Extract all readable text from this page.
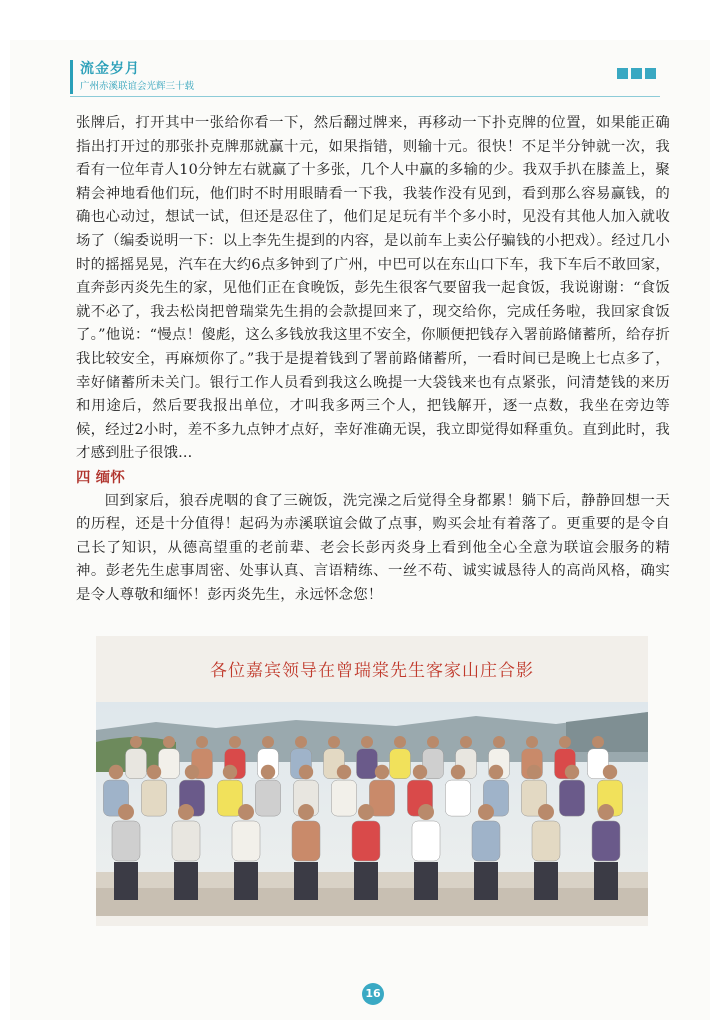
流金岁月
广州赤溪联谊会光辉三十载

张牌后，打开其中一张给你看一下，然后翻过牌来，再移动一下扑克牌的位置，如果能正确指出打开过的那张扑克牌那就赢十元，如果指错，则输十元。很快！不足半分钟就一次，我看有一位年青人10分钟左右就赢了十多张，几个人中赢的多输的少。我双手扒在膝盖上，聚精会神地看他们玩，他们时不时用眼睛看一下我，我装作没有见到，看到那么容易赢钱，的确也心动过，想试一试，但还是忍住了，他们足足玩有半个多小时，见没有其他人加入就收场了（编委说明一下：以上李先生提到的内容，是以前车上卖公仔骗钱的小把戏）。经过几小时的摇摇晃晃，汽车在大约6点多钟到了广州，中巴可以在东山口下车，我下车后不敢回家，直奔彭丙炎先生的家，见他们正在食晚饭，彭先生很客气要留我一起食饭，我说谢谢：“食饭就不必了，我去松岗把曾瑞棠先生捐的会款提回来了，现交给你，完成任务啦，我回家食饭了。”他说：“慢点！傻彪，这么多钱放我这里不安全，你顺便把钱存入署前路储蓄所，给存折我比较安全，再麻烦你了。”我于是提着钱到了署前路储蓄所，一看时间已是晚上七点多了，幸好储蓄所未关门。银行工作人员看到我这么晚提一大袋钱来也有点紧张，问清楚钱的来历和用途后，然后要我报出单位，才叫我多两三个人，把钱解开，逐一点数，我坐在旁边等候，经过2小时，差不多九点钟才点好，幸好准确无误，我立即觉得如释重负。直到此时，我才感到肚子很饿...

四 缅怀

回到家后，狼吞虎咽的食了三碗饭，洗完澡之后觉得全身都累！躺下后，静静回想一天的历程，还是十分值得！起码为赤溪联谊会做了点事，购买会址有着落了。更重要的是令自己长了知识，从德高望重的老前辈、老会长彭丙炎身上看到他全心全意为联谊会服务的精神。彭老先生虑事周密、处事认真、言语精练、一丝不苟、诚实诚恳待人的高尚风格，确实是令人尊敬和缅怀！彭丙炎先生，永远怀念您！

各位嘉宾领导在曾瑞棠先生客家山庄合影
16
